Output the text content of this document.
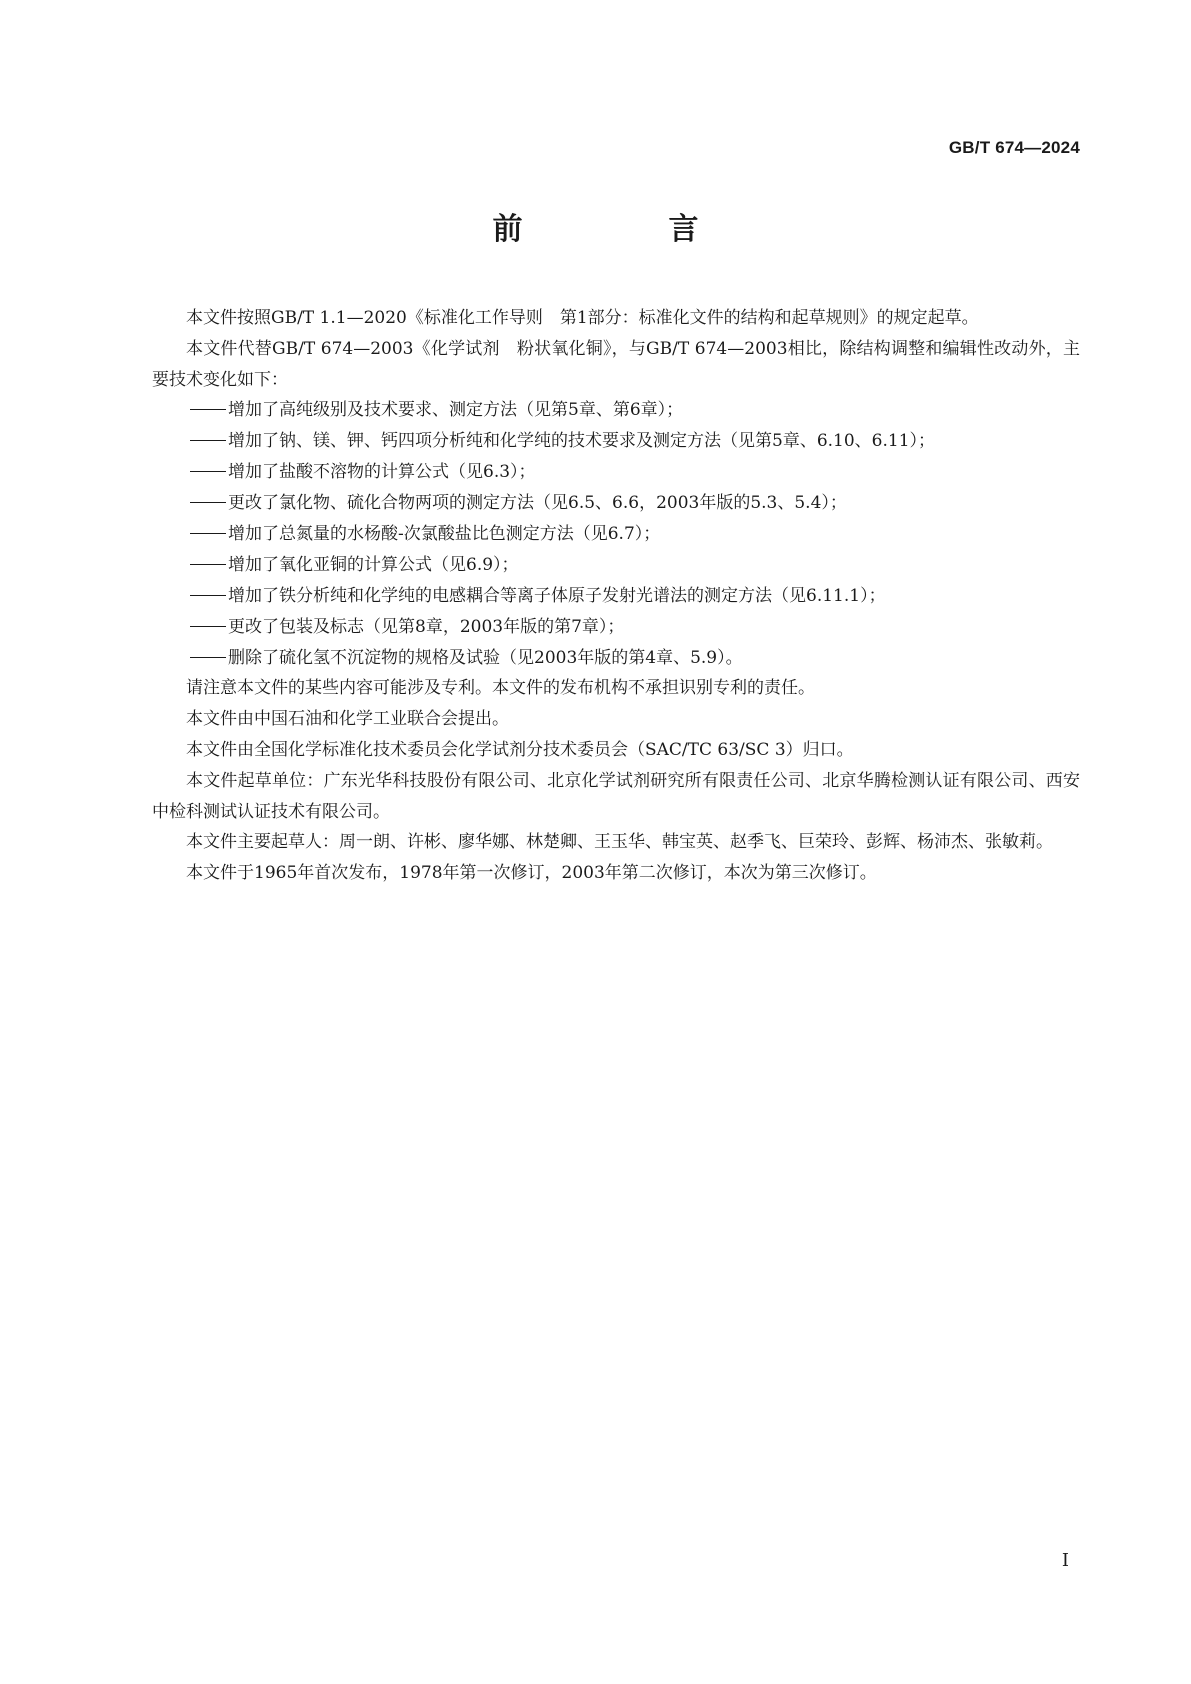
GB/T 674—2024
前　言

本文件按照GB/T 1.1—2020《标准化工作导则　第1部分：标准化文件的结构和起草规则》的规定起草。

本文件代替GB/T 674—2003《化学试剂　粉状氧化铜》，与GB/T 674—2003相比，除结构调整和编辑性改动外，主要技术变化如下：

增加了高纯级别及技术要求、测定方法（见第5章、第6章）；

增加了钠、镁、钾、钙四项分析纯和化学纯的技术要求及测定方法（见第5章、6.10、6.11）；

增加了盐酸不溶物的计算公式（见6.3）；

更改了氯化物、硫化合物两项的测定方法（见6.5、6.6，2003年版的5.3、5.4）；

增加了总氮量的水杨酸-次氯酸盐比色测定方法（见6.7）；

增加了氧化亚铜的计算公式（见6.9）；

增加了铁分析纯和化学纯的电感耦合等离子体原子发射光谱法的测定方法（见6.11.1）；

更改了包装及标志（见第8章，2003年版的第7章）；

删除了硫化氢不沉淀物的规格及试验（见2003年版的第4章、5.9）。

请注意本文件的某些内容可能涉及专利。本文件的发布机构不承担识别专利的责任。

本文件由中国石油和化学工业联合会提出。

本文件由全国化学标准化技术委员会化学试剂分技术委员会（SAC/TC 63/SC 3）归口。

本文件起草单位：广东光华科技股份有限公司、北京化学试剂研究所有限责任公司、北京华腾检测认证有限公司、西安中检科测试认证技术有限公司。

本文件主要起草人：周一朗、许彬、廖华娜、林楚卿、王玉华、韩宝英、赵季飞、巨荣玲、彭辉、杨沛杰、张敏莉。

本文件于1965年首次发布，1978年第一次修订，2003年第二次修订，本次为第三次修订。

I
